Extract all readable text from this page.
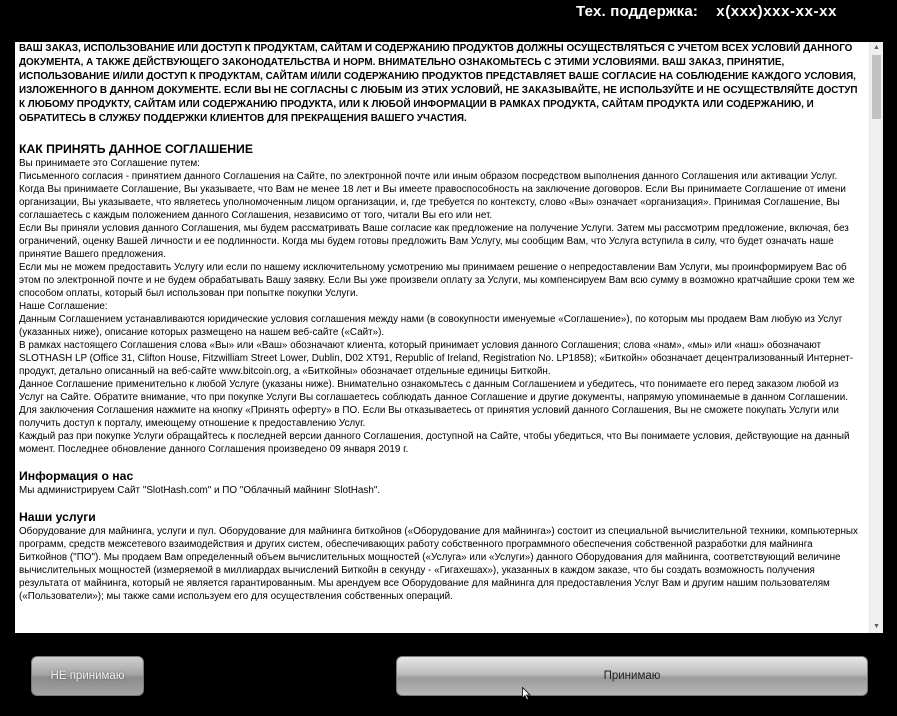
Тех. поддержка: x(xxx)xxx-xx-xx

ВАШ ЗАКАЗ, ИСПОЛЬЗОВАНИЕ ИЛИ ДОСТУП К ПРОДУКТАМ, САЙТАМ И СОДЕРЖАНИЮ ПРОДУКТОВ ДОЛЖНЫ ОСУЩЕСТВЛЯТЬСЯ С УЧЕТОМ ВСЕХ УСЛОВИЙ ДАННОГО ДОКУМЕНТА, А ТАКЖЕ ДЕЙСТВУЮЩЕГО ЗАКОНОДАТЕЛЬСТВА И НОРМ. ВНИМАТЕЛЬНО ОЗНАКОМЬТЕСЬ С ЭТИМИ УСЛОВИЯМИ. ВАШ ЗАКАЗ, ПРИНЯТИЕ, ИСПОЛЬЗОВАНИЕ И/ИЛИ ДОСТУП К ПРОДУКТАМ, САЙТАМ И/ИЛИ СОДЕРЖАНИЮ ПРОДУКТОВ ПРЕДСТАВЛЯЕТ ВАШЕ СОГЛАСИЕ НА СОБЛЮДЕНИЕ КАЖДОГО УСЛОВИЯ, ИЗЛОЖЕННОГО В ДАННОМ ДОКУМЕНТЕ. ЕСЛИ ВЫ НЕ СОГЛАСНЫ С ЛЮБЫМ ИЗ ЭТИХ УСЛОВИЙ, НЕ ЗАКАЗЫВАЙТЕ, НЕ ИСПОЛЬЗУЙТЕ И НЕ ОСУЩЕСТВЛЯЙТЕ ДОСТУП К ЛЮБОМУ ПРОДУКТУ, САЙТАМ ИЛИ СОДЕРЖАНИЮ ПРОДУКТА, ИЛИ К ЛЮБОЙ ИНФОРМАЦИИ В РАМКАХ ПРОДУКТА, САЙТАМ ПРОДУКТА ИЛИ СОДЕРЖАНИЮ, И ОБРАТИТЕСЬ В СЛУЖБУ ПОДДЕРЖКИ КЛИЕНТОВ ДЛЯ ПРЕКРАЩЕНИЯ ВАШЕГО УЧАСТИЯ.

КАК ПРИНЯТЬ ДАННОЕ СОГЛАШЕНИЕ

Вы принимаете это Соглашение путем:

Письменного согласия - принятием данного Соглашения на Сайте, по электронной почте или иным образом посредством выполнения данного Соглашения или активации Услуг.

Когда Вы принимаете Соглашение, Вы указываете, что Вам не менее 18 лет и Вы имеете правоспособность на заключение договоров. Если Вы принимаете Соглашение от имени организации, Вы указываете, что являетесь уполномоченным лицом организации, и, где требуется по контексту, слово «Вы» означает «организация». Принимая Соглашение, Вы соглашаетесь с каждым положением данного Соглашения, независимо от того, читали Вы его или нет.

Если Вы приняли условия данного Соглашения, мы будем рассматривать Ваше согласие как предложение на получение Услуги. Затем мы рассмотрим предложение, включая, без ограничений, оценку Вашей личности и ее подлинности. Когда мы будем готовы предложить Вам Услугу, мы сообщим Вам, что Услуга вступила в силу, что будет означать наше принятие Вашего предложения.

Если мы не можем предоставить Услугу или если по нашему исключительному усмотрению мы принимаем решение о непредоставлении Вам Услуги, мы проинформируем Вас об этом по электронной почте и не будем обрабатывать Вашу заявку. Если Вы уже произвели оплату за Услуги, мы компенсируем Вам всю сумму в возможно кратчайшие сроки тем же способом оплаты, который был использован при попытке покупки Услуги.

Наше Соглашение:

Данным Соглашением устанавливаются юридические условия соглашения между нами (в совокупности именуемые «Соглашение»), по которым мы продаем Вам любую из Услуг (указанных ниже), описание которых размещено на нашем веб-сайте («Сайт»).

В рамках настоящего Соглашения слова «Вы» или «Ваш» обозначают клиента, который принимает условия данного Соглашения; слова «нам», «мы» или «наш» обозначают SLOTHASH LP (Office 31, Clifton House, Fitzwilliam Street Lower, Dublin, D02 XT91, Republic of Ireland, Registration No. LP1858); «Биткойн» обозначает децентрализованный Интернет-продукт, детально описанный на веб-сайте www.bitcoin.org, а «Биткойны» обозначает отдельные единицы Биткойн.

Данное Соглашение применительно к любой Услуге (указаны ниже). Внимательно ознакомьтесь с данным Соглашением и убедитесь, что понимаете его перед заказом любой из Услуг на Сайте. Обратите внимание, что при покупке Услуги Вы соглашаетесь соблюдать данное Соглашение и другие документы, напрямую упоминаемые в данном Соглашении. Для заключения Соглашения нажмите на кнопку «Принять оферту» в ПО. Если Вы отказываетесь от принятия условий данного Соглашения, Вы не сможете покупать Услуги или получить доступ к порталу, имеющему отношение к предоставлению Услуг.

Каждый раз при покупке Услуги обращайтесь к последней версии данного Соглашения, доступной на Сайте, чтобы убедиться, что Вы понимаете условия, действующие на данный момент. Последнее обновление данного Соглашения произведено 09 января 2019 г.

Информация о нас

Мы администрируем Сайт "SlotHash.com" и ПО "Облачный майнинг SlotHash".

Наши услуги

Оборудование для майнинга, услуги и пул. Оборудование для майнинга биткойнов («Оборудование для майнинга») состоит из специальной вычислительной техники, компьютерных программ, средств межсетевого взаимодействия и других систем, обеспечивающих работу собственного программного обеспечения собственной разработки для майнинга Биткойнов ("ПО"). Мы продаем Вам определенный объем вычислительных мощностей («Услуга» или «Услуги») данного Оборудования для майнинга, соответствующий величине вычислительных мощностей (измеряемой в миллиардах вычислений Биткойн в секунду - «Гигахешах»), указанных в каждом заказе, что бы создать возможность получения результата от майнинга, который не является гарантированным. Мы арендуем все Оборудование для майнинга для предоставления Услуг Вам и другим нашим пользователям («Пользователи»); мы также сами используем его для осуществления собственных операций.

▲
▼
НЕ принимаю	Принимаю
